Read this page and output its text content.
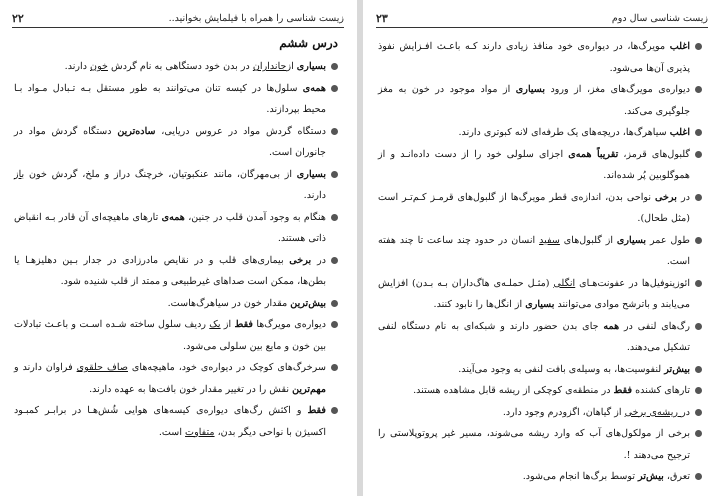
زیست شناسی را همراه با فیلمایش بخوانید..
۲۲
درس ششم

بسیاری ازجانداران در بدن خود دستگاهی به نام گردش خون دارند.

همه‌ی سلول‌ها در کیسه تنان می‌توانند به طور مستقل بـه تـبادل مـواد بـا محیط بپردازند.

دستگاه گردش مواد در عروس دریایی، ساده‌ترین دستگاه گردش مواد در جانوران است.

بسیاری از بی‌مهرگان، مانند عنکبوتیان، خرچنگ دراز و ملخ، گردش خون باز دارند.

هنگام به وجود آمدن قلب در جنین، همه‌ی تارهای ماهیچه‌ای آن قادر بـه انقباض ذاتی هستند.

در برخی بیماری‌های قلب و در نقایص مادرزادی در جدار بـین دهلیزهـا یا بطن‌ها، ممکن است صداهای غیرطبیعی و ممتد از قلب شنیده شود.

بیش‌ترین مقدار خون در سیاهرگ‌هاست.

دیواره‌ی مویرگ‌ها فقط از یک ردیف سلول ساخته شـده اسـت و باعـث تبادلات بین خون و مایع بین سلولی می‌شود.

سرخرگ‌های کوچک در دیواره‌ی خود، ماهیچه‌های صاف حلقوی فراوان دارند و مهم‌ترین نقش را در تغییر مقدار خون بافت‌ها به عهده دارند.

فقط و اکثش رگ‌های دیواره‌ی کیسه‌های هوایی شُش‌هـا در برابـر کمبـود اکسیژن با نواحی دیگر بدن، متفاوت است.

زیست شناسی سال دوم
۲۳

اغلب مویرگ‌ها، در دیواره‌ی خود منافذ زیادی دارند کـه باعـث افـزایش نفوذ پذیری آن‌ها می‌شود.

دیواره‌ی مویرگ‌های مغز، از ورود بسیاری از مواد موجود در خون به مغز جلوگیری می‌کند.

اغلب سیاهرگ‌ها، دریچه‌های یک طرفه‌ای لانه کبوتری دارند.

گلبول‌های قرمز، تقریباً همه‌ی اجزای سلولی خود را از دست داده‌انـد و از هموگلوبین پُر شده‌اند.

در برخی نواحی بدن، اندازه‌ی قطر مویرگ‌ها از گلبول‌های قرمـز کـم‌تـر است (مثل طحال).

طول عمر بسیاری از گلبول‌های سفید انسان در حدود چند ساعت تا چند هفته است.

ائوزینوفیل‌ها در عفونت‌هـای انگلی (مثـل حملـه‌ی هاگ‌داران بـه بـدن) افزایش می‌یابند و باترشح موادی می‌توانند بسیاری از انگل‌ها را نابود کنند.

رگ‌های لنفی در همه جای بدن حضور دارند و شبکه‌ای به نام دستگاه لنفی تشکیل می‌دهند.

بیش‌تر لنفوسیت‌ها، به وسیله‌ی بافت لنفی به وجود می‌آیند.

تارهای کشنده فقط در منطقه‌ی کوچکی از ریشه قابل مشاهده هستند.

در ریشه‌ی برخی از گیاهان، اگزودرم وجود دارد.

برخی از مولکول‌های آب که وارد ریشه می‌شوند، مسیر غیر پروتوپلاستی را ترجیح می‌دهند !.

تعرق، بیش‌تر توسط برگ‌ها انجام می‌شود.
